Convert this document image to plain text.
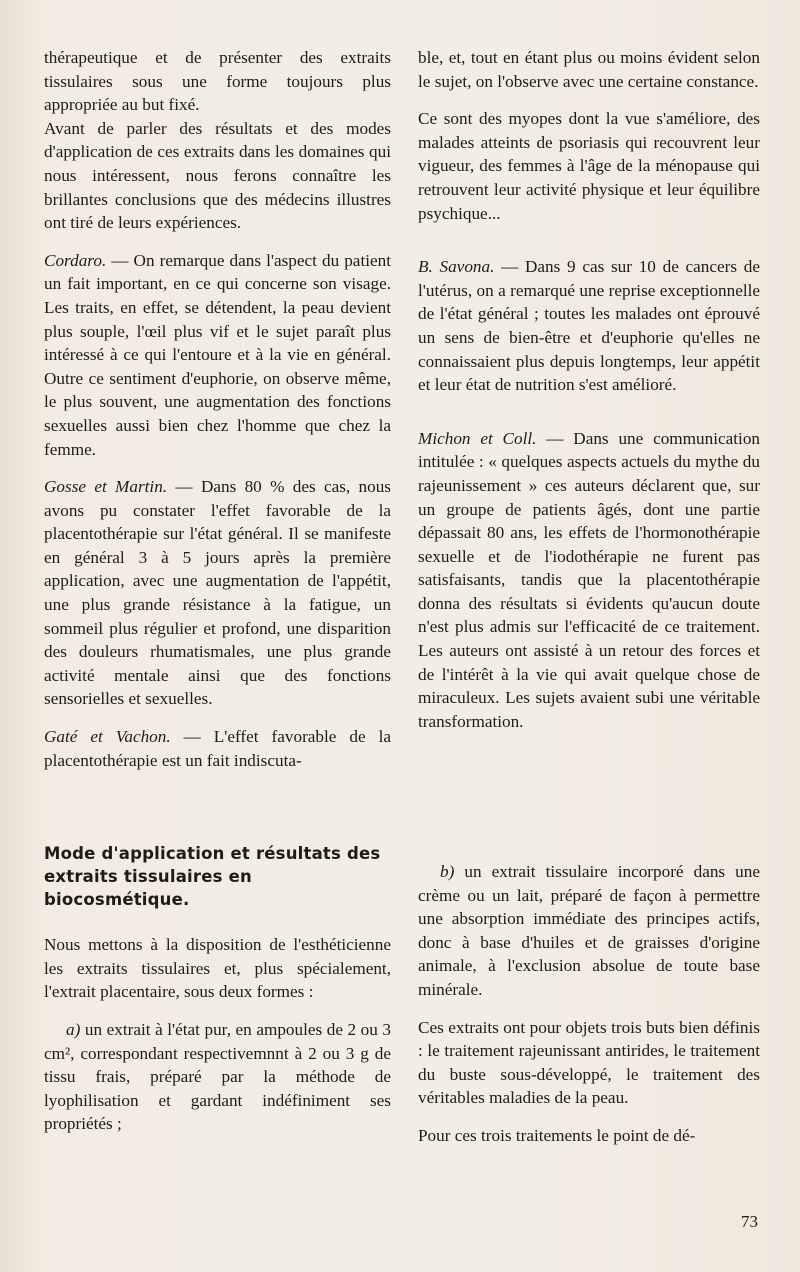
thérapeutique et de présenter des extraits tissulaires sous une forme toujours plus appropriée au but fixé.

Avant de parler des résultats et des modes d'application de ces extraits dans les domaines qui nous intéressent, nous ferons connaître les brillantes conclusions que des médecins illustres ont tiré de leurs expériences.

Cordaro. — On remarque dans l'aspect du patient un fait important, en ce qui concerne son visage. Les traits, en effet, se détendent, la peau devient plus souple, l'œil plus vif et le sujet paraît plus intéressé à ce qui l'entoure et à la vie en général. Outre ce sentiment d'euphorie, on observe même, le plus souvent, une augmentation des fonctions sexuelles aussi bien chez l'homme que chez la femme.

Gosse et Martin. — Dans 80 % des cas, nous avons pu constater l'effet favorable de la placentothérapie sur l'état général. Il se manifeste en général 3 à 5 jours après la première application, avec une augmentation de l'appétit, une plus grande résistance à la fatigue, un sommeil plus régulier et profond, une disparition des douleurs rhumatismales, une plus grande activité mentale ainsi que des fonctions sensorielles et sexuelles.

Gaté et Vachon. — L'effet favorable de la placentothérapie est un fait indiscuta-

Mode d'application et résultats des extraits tissulaires en biocosmétique.

Nous mettons à la disposition de l'esthéticienne les extraits tissulaires et, plus spécialement, l'extrait placentaire, sous deux formes :

a) un extrait à l'état pur, en ampoules de 2 ou 3 cm², correspondant respectivemnnt à 2 ou 3 g de tissu frais, préparé par la méthode de lyophilisation et gardant indéfiniment ses propriétés ;

ble, et, tout en étant plus ou moins évident selon le sujet, on l'observe avec une certaine constance.

Ce sont des myopes dont la vue s'améliore, des malades atteints de psoriasis qui recouvrent leur vigueur, des femmes à l'âge de la ménopause qui retrouvent leur activité physique et leur équilibre psychique...

B. Savona. — Dans 9 cas sur 10 de cancers de l'utérus, on a remarqué une reprise exceptionnelle de l'état général ; toutes les malades ont éprouvé un sens de bien-être et d'euphorie qu'elles ne connaissaient plus depuis longtemps, leur appétit et leur état de nutrition s'est amélioré.

Michon et Coll. — Dans une communication intitulée : « quelques aspects actuels du mythe du rajeunissement » ces auteurs déclarent que, sur un groupe de patients âgés, dont une partie dépassait 80 ans, les effets de l'hormonothérapie sexuelle et de l'iodothérapie ne furent pas satisfaisants, tandis que la placentothérapie donna des résultats si évidents qu'aucun doute n'est plus admis sur l'efficacité de ce traitement. Les auteurs ont assisté à un retour des forces et de l'intérêt à la vie qui avait quelque chose de miraculeux. Les sujets avaient subi une véritable transformation.

b) un extrait tissulaire incorporé dans une crème ou un lait, préparé de façon à permettre une absorption immédiate des principes actifs, donc à base d'huiles et de graisses d'origine animale, à l'exclusion absolue de toute base minérale.

Ces extraits ont pour objets trois buts bien définis : le traitement rajeunissant antirides, le traitement du buste sous-développé, le traitement des véritables maladies de la peau.

Pour ces trois traitements le point de dé-

73
